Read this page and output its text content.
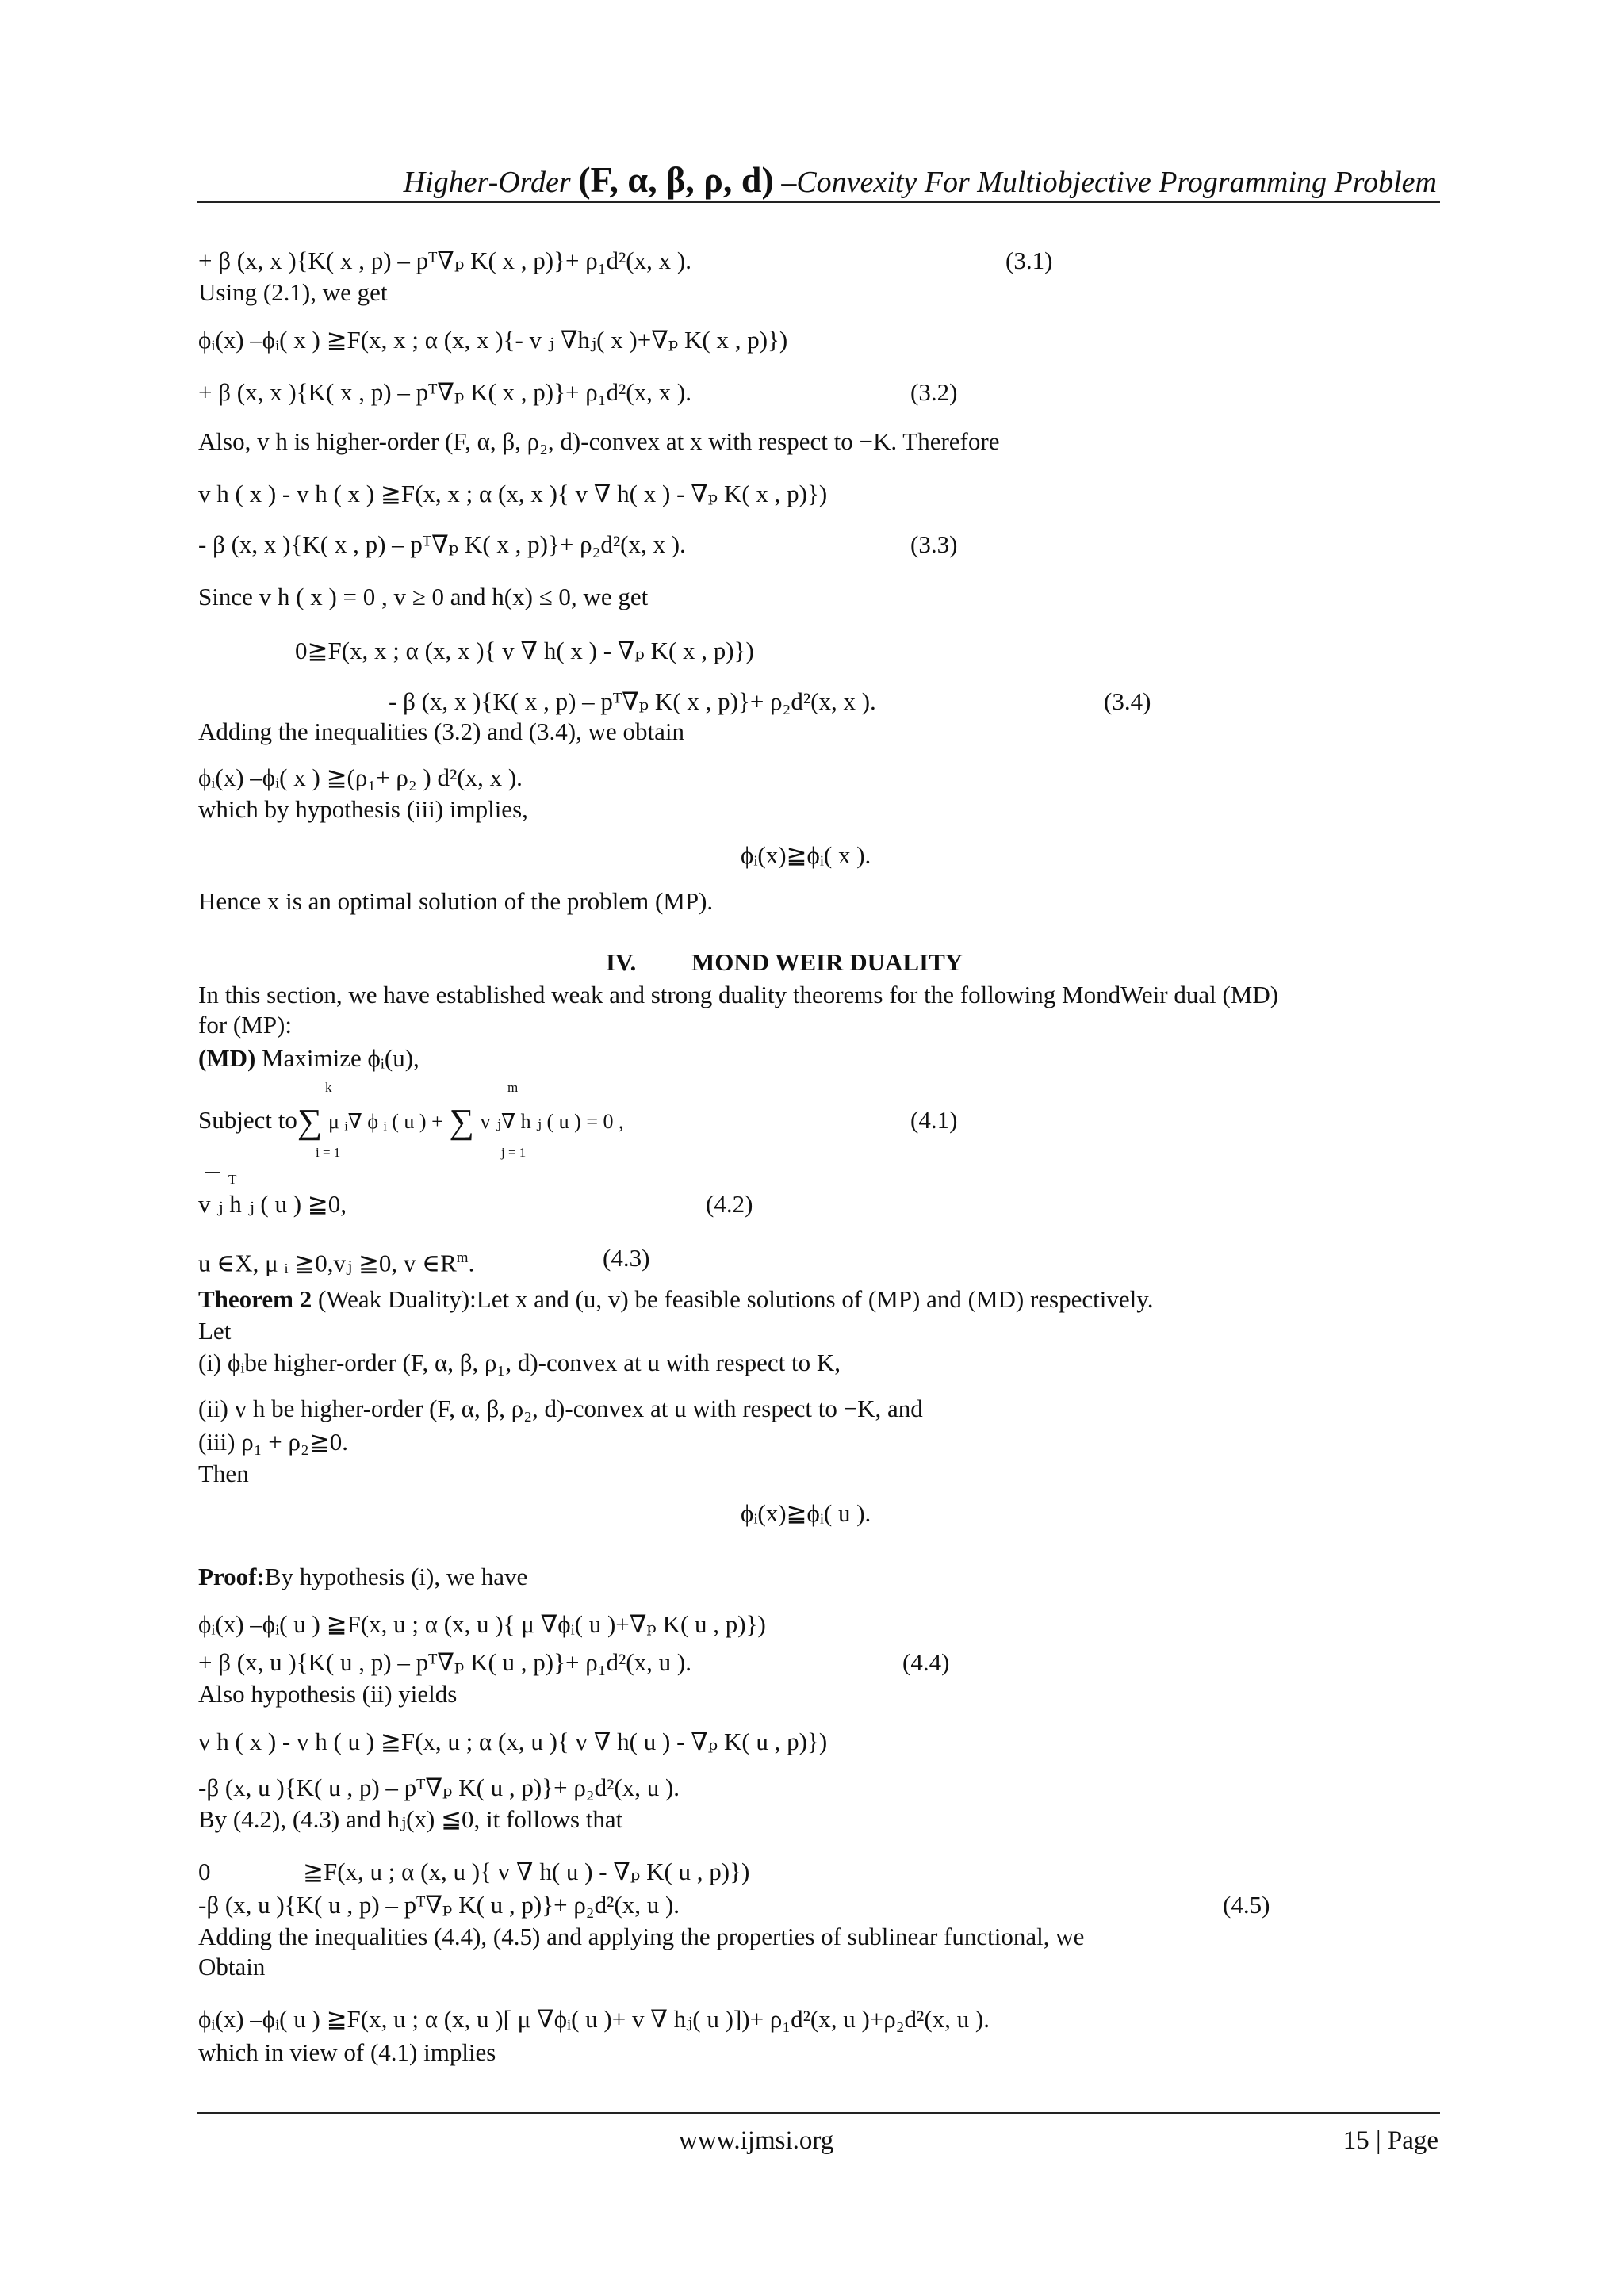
Higher-Order (F, α, β, ρ, d) –Convexity For Multiobjective Programming Problem
+ β (x, x ){K( x , p) – pᵀ∇ₚ K( x , p)}+ ρ₁d²(x, x ).	(3.1)
Using (2.1), we get
ϕᵢ(x) –ϕᵢ( x ) ≧F(x, x ; α (x, x ){- v ⱼ ∇hⱼ( x )+∇ₚ K( x , p)})
+ β (x, x ){K( x , p) – pᵀ∇ₚ K( x , p)}+ ρ₁d²(x, x ).	(3.2)
Also, v h is higher-order (F, α, β, ρ₂, d)-convex at x with respect to −K. Therefore
v h ( x ) - v h ( x ) ≧F(x, x ; α (x, x ){ v ∇ h( x ) - ∇ₚ K( x , p)})
- β (x, x ){K( x , p) – pᵀ∇ₚ K( x , p)}+ ρ₂d²(x, x ).	(3.3)
Since v h ( x ) = 0 , v ≥ 0 and h(x) ≤ 0, we get
0≧F(x, x ; α (x, x ){ v ∇ h( x ) - ∇ₚ K( x , p)})
- β (x, x ){K( x , p) – pᵀ∇ₚ K( x , p)}+ ρ₂d²(x, x ).	(3.4)
Adding the inequalities (3.2) and (3.4), we obtain
ϕᵢ(x) –ϕᵢ( x ) ≧(ρ₁+ ρ₂ ) d²(x, x ).
which by hypothesis (iii) implies,
ϕᵢ(x)≧ϕᵢ( x ).
Hence x is an optimal solution of the problem (MP).
IV. MOND WEIR DUALITY
In this section, we have established weak and strong duality theorems for the following MondWeir dual (MD)
for (MP):
(MD) Maximize ϕᵢ(u),
k	m
Subject to∑ μ ᵢ∇ ϕ ᵢ ( u ) + ∑ v ⱼ∇ h ⱼ ( u ) = 0 ,
i = 1	j = 1
(4.1)
T
v ⱼ h ⱼ ( u ) ≧0,	(4.2)
u ∈X, μ ᵢ ≧0,vⱼ ≧0, v $\in R^m$.	(4.3)
Theorem 2 (Weak Duality):Let x and (u, v) be feasible solutions of (MP) and (MD) respectively.
Let
(i) ϕᵢbe higher-order (F, α, β, ρ₁, d)-convex at u with respect to K,
(ii) v h be higher-order (F, α, β, ρ₂, d)-convex at u with respect to −K, and
(iii) ρ₁ + ρ₂≧0.
Then
ϕᵢ(x)≧ϕᵢ( u ).
Proof:By hypothesis (i), we have
ϕᵢ(x) –ϕᵢ( u ) ≧F(x, u ; α (x, u ){ μ ∇ϕᵢ( u )+∇ₚ K( u , p)})
+ β (x, u ){K( u , p) – pᵀ∇ₚ K( u , p)}+ ρ₁d²(x, u ).	(4.4)
Also hypothesis (ii) yields
v h ( x ) - v h ( u ) ≧F(x, u ; α (x, u ){ v ∇ h( u ) - ∇ₚ K( u , p)})
-β (x, u ){K( u , p) – pᵀ∇ₚ K( u , p)}+ ρ₂d²(x, u ).
By (4.2), (4.3) and hⱼ(x) ≦0, it follows that
0	≧F(x, u ; α (x, u ){ v ∇ h( u ) - ∇ₚ K( u , p)})
-β (x, u ){K( u , p) – pᵀ∇ₚ K( u , p)}+ ρ₂d²(x, u ).	(4.5)
Adding the inequalities (4.4), (4.5) and applying the properties of sublinear functional, we
Obtain
ϕᵢ(x) –ϕᵢ( u ) ≧F(x, u ; α (x, u )[ μ ∇ϕᵢ( u )+ v ∇ hⱼ( u )])+ ρ₁d²(x, u )+ρ₂d²(x, u ).
which in view of (4.1) implies
www.ijmsi.org	15 | Page
